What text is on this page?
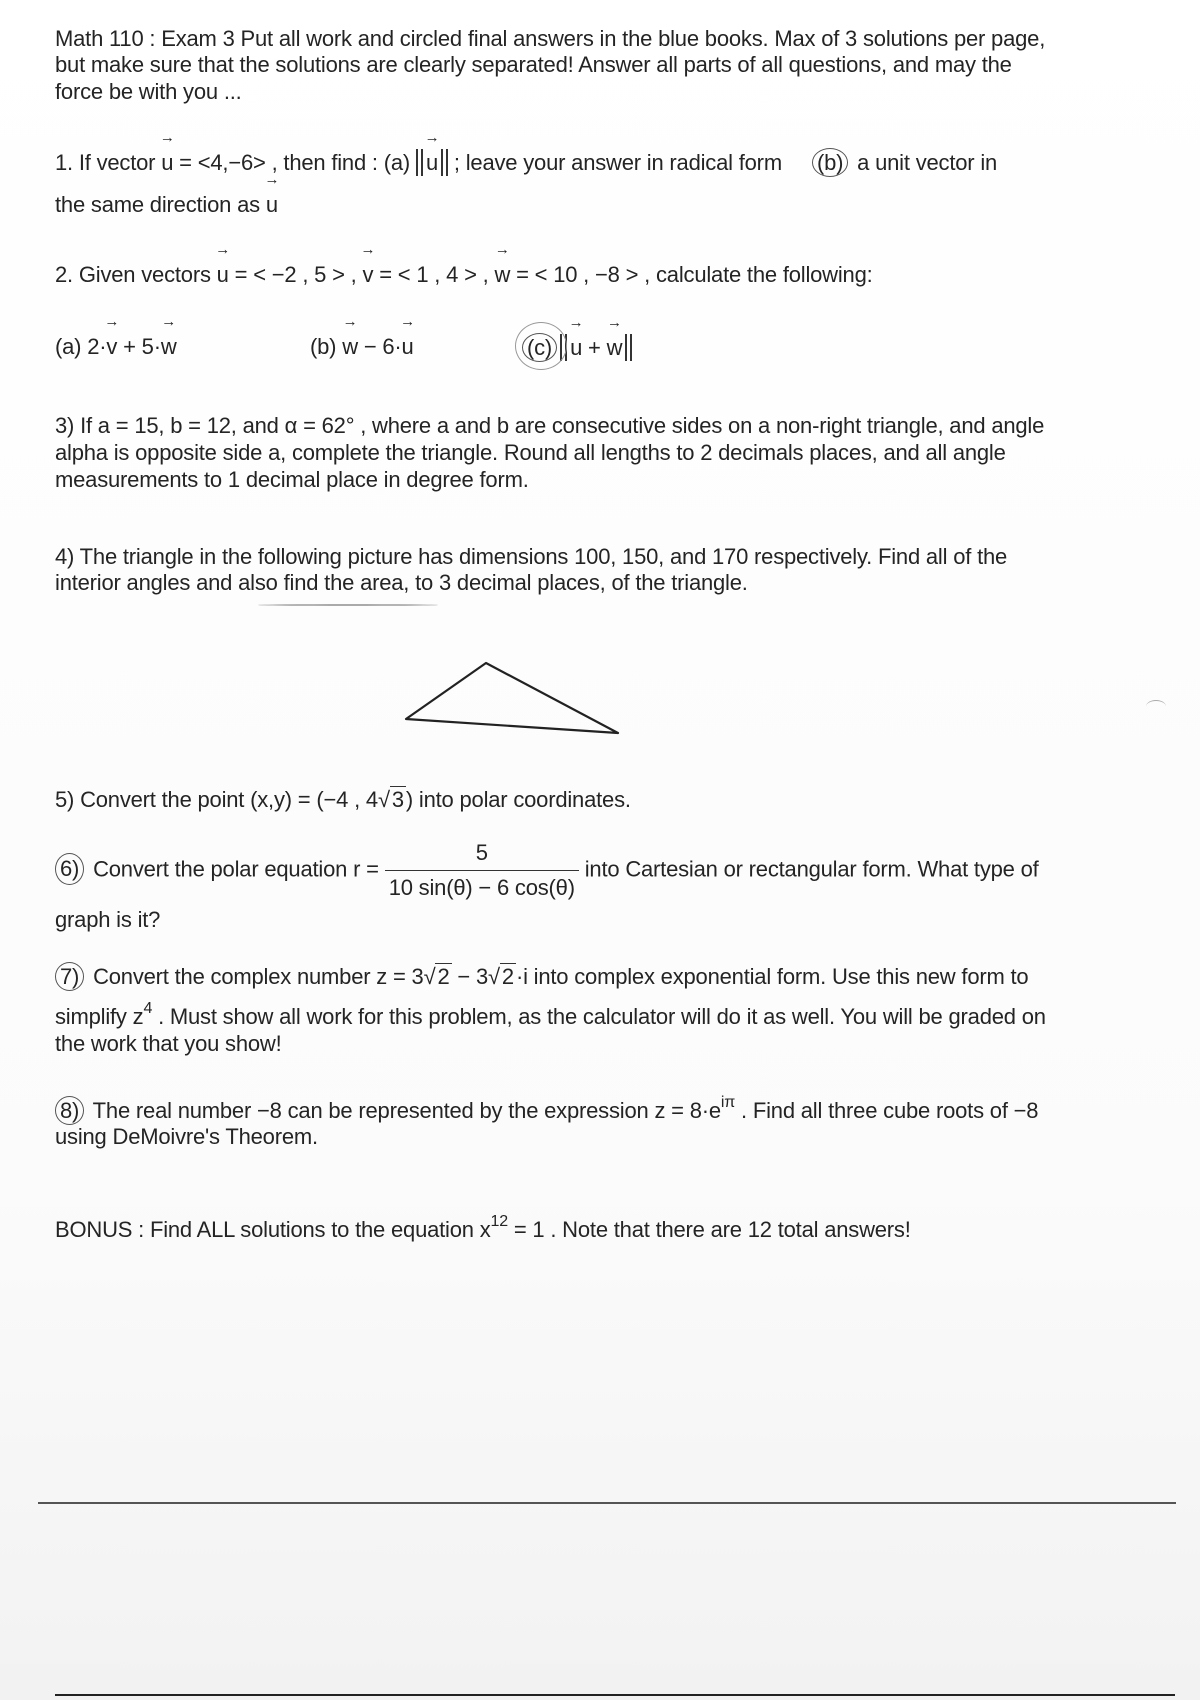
Math 110 : Exam 3 Put all work and circled final answers in the blue books. Max of 3 solutions per page,
but make sure that the solutions are clearly separated! Answer all parts of all questions, and may the
force be with you ...
1. If vector → u = <4,−6> , then find : (a) → u ; leave your answer in radical form (b) a unit vector in
the same direction as → u
2. Given vectors → u = < −2 , 5 > , → v = < 1 , 4 > , → w = < 10 , −8 > , calculate the following:
(a) 2·→ v + 5·→ w	(b) → w − 6·→ u	(c)→ u + → w
3) If a = 15, b = 12, and α = 62° , where a and b are consecutive sides on a non-right triangle, and angle
alpha is opposite side a, complete the triangle. Round all lengths to 2 decimals places, and all angle
measurements to 1 decimal place in degree form.
4) The triangle in the following picture has dimensions 100, 150, and 170 respectively. Find all of the
interior angles and also find the area, to 3 decimal places, of the triangle.
5) Convert the point (x,y) = (−4 , 4√3) into polar coordinates.
6) Convert the polar equation $r = \frac{5}{10 \sin(\theta) - 6 \cos(\theta)}$ into Cartesian or rectangular form. What type of
graph is it?
7) Convert the complex number z = 3√2 − 3√2·i into complex exponential form. Use this new form to
simplify $z^4$ . Must show all work for this problem, as the calculator will do it as well. You will be graded on
the work that you show!
8) The real number −8 can be represented by the expression $z = 8\cdot e^{i\pi}$ . Find all three cube roots of −8
using DeMoivre's Theorem.
BONUS : Find ALL solutions to the equation $x^{12} = 1$ . Note that there are 12 total answers!
